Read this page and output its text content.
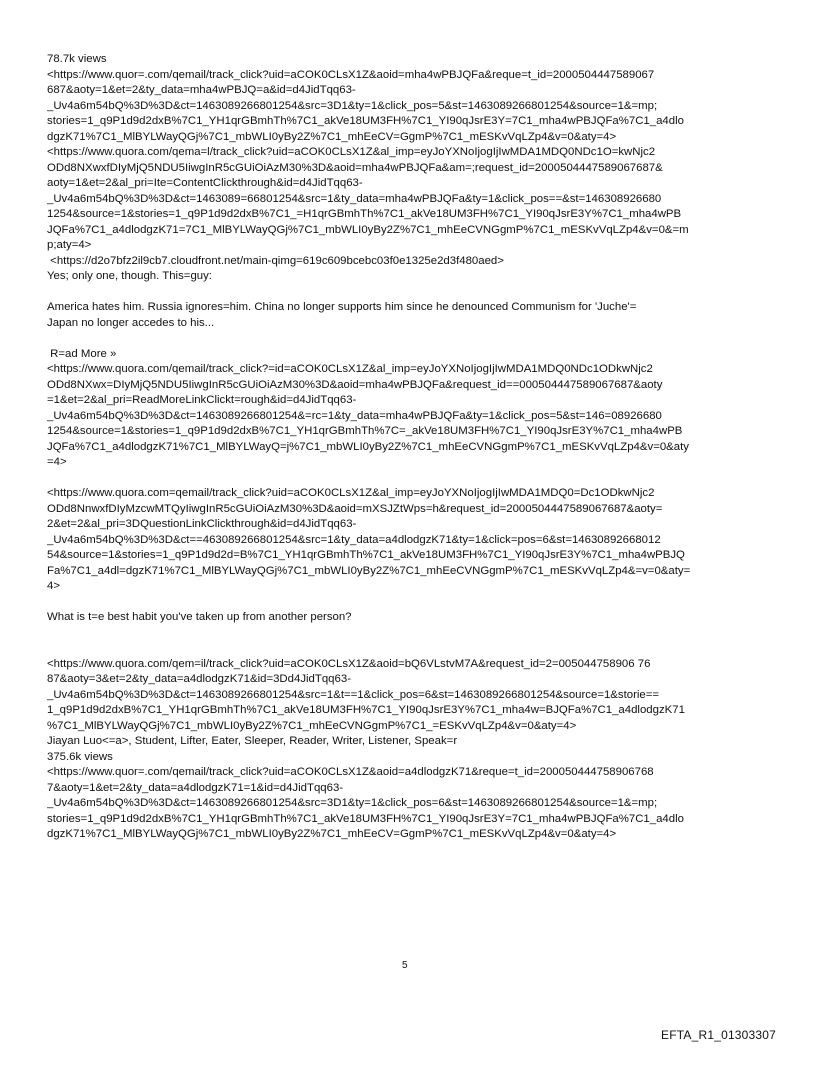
78.7k views
<https://www.quor=.com/qemail/track_click?uid=aCOK0CLsX1Z&aoid=mha4wPBJQFa&reque=t_id=2000504447589067
687&aoty=1&et=2&ty_data=mha4wPBJQ=a&id=d4JidTqq63-
_Uv4a6m54bQ%3D%3D&ct=1463089266801254&src=3D1&ty=1&click_pos=5&st=1463089266801254&source=1&=mp;
stories=1_q9P1d9d2dxB%7C1_YH1qrGBmhTh%7C1_akVe18UM3FH%7C1_YI90qJsrE3Y=7C1_mha4wPBJQFa%7C1_a4dlo
dgzK71%7C1_MlBYLWayQGj%7C1_mbWLI0yBy2Z%7C1_mhEeCV=GgmP%7C1_mESKvVqLZp4&v=0&aty=4>
<https://www.quora.com/qema=l/track_click?uid=aCOK0CLsX1Z&al_imp=eyJoYXNoIjogIjIwMDA1MDQ0NDc1O=kwNjc2
ODd8NXwxfDIyMjQ5NDU5IiwgInR5cGUiOiAzM30%3D&aoid=mha4wPBJQFa&am=;request_id=2000504447589067687&
aoty=1&et=2&al_pri=Ite=ContentClickthrough&id=d4JidTqq63-
_Uv4a6m54bQ%3D%3D&ct=1463089=66801254&src=1&ty_data=mha4wPBJQFa&ty=1&click_pos==&st=146308926680
1254&source=1&stories=1_q9P1d9d2dxB%7C1_=H1qrGBmhTh%7C1_akVe18UM3FH%7C1_YI90qJsrE3Y%7C1_mha4wPB
JQFa%7C1_a4dlodgzK71=7C1_MlBYLWayQGj%7C1_mbWLI0yBy2Z%7C1_mhEeCVNGgmP%7C1_mESKvVqLZp4&v=0&=m
p;aty=4>
<https://d2o7bfz2il9cb7.cloudfront.net/main-qimg=619c609bcebc03f0e1325e2d3f480aed>
Yes; only one, though. This=guy:
America hates him. Russia ignores=him. China no longer supports him since he denounced Communism for 'Juche'=
Japan no longer accedes to his...
R=ad More »
<https://www.quora.com/qemail/track_click?=id=aCOK0CLsX1Z&al_imp=eyJoYXNoIjogIjIwMDA1MDQ0NDc1ODkwNjc2
ODd8NXwx=DIyMjQ5NDU5IiwgInR5cGUiOiAzM30%3D&aoid=mha4wPBJQFa&request_id==000504447589067687&aoty
=1&et=2&al_pri=ReadMoreLinkClickt=rough&id=d4JidTqq63-
_Uv4a6m54bQ%3D%3D&ct=1463089266801254&=rc=1&ty_data=mha4wPBJQFa&ty=1&click_pos=5&st=146=08926680
1254&source=1&stories=1_q9P1d9d2dxB%7C1_YH1qrGBmhTh%7C=_akVe18UM3FH%7C1_YI90qJsrE3Y%7C1_mha4wPB
JQFa%7C1_a4dlodgzK71%7C1_MlBYLWayQ=j%7C1_mbWLI0yBy2Z%7C1_mhEeCVNGgmP%7C1_mESKvVqLZp4&v=0&aty
=4>
<https://www.quora.com=qemail/track_click?uid=aCOK0CLsX1Z&al_imp=eyJoYXNoIjogIjIwMDA1MDQ0=Dc1ODkwNjc2
ODd8NnwxfDIyMzcwMTQyIiwgInR5cGUiOiAzM30%3D&aoid=mXSJZtWps=h&request_id=2000504447589067687&aoty=
2&et=2&al_pri=3DQuestionLinkClickthrough&id=d4JidTqq63-
_Uv4a6m54bQ%3D%3D&ct==463089266801254&src=1&ty_data=a4dlodgzK71&ty=1&click=pos=6&st=14630892668012
54&source=1&stories=1_q9P1d9d2d=B%7C1_YH1qrGBmhTh%7C1_akVe18UM3FH%7C1_YI90qJsrE3Y%7C1_mha4wPBJQ
Fa%7C1_a4dl=dgzK71%7C1_MlBYLWayQGj%7C1_mbWLI0yBy2Z%7C1_mhEeCVNGgmP%7C1_mESKvVqLZp4&=v=0&aty=
4>
What is t=e best habit you've taken up from another person?
<https://www.quora.com/qem=il/track_click?uid=aCOK0CLsX1Z&aoid=bQ6VLstvM7A&request_id=2=005044758906 76
87&aoty=3&et=2&ty_data=a4dlodgzK71&id=3Dd4JidTqq63-
_Uv4a6m54bQ%3D%3D&ct=1463089266801254&src=1&t==1&click_pos=6&st=1463089266801254&source=1&storie==
1_q9P1d9d2dxB%7C1_YH1qrGBmhTh%7C1_akVe18UM3FH%7C1_YI90qJsrE3Y%7C1_mha4w=BJQFa%7C1_a4dlodgzK71
%7C1_MlBYLWayQGj%7C1_mbWLI0yBy2Z%7C1_mhEeCVNGgmP%7C1_=ESKvVqLZp4&v=0&aty=4>
Jiayan Luo<=a>, Student, Lifter, Eater, Sleeper, Reader, Writer, Listener, Speak=r
375.6k views
<https://www.quor=.com/qemail/track_click?uid=aCOK0CLsX1Z&aoid=a4dlodgzK71&reque=t_id=200050444758906768
7&aoty=1&et=2&ty_data=a4dlodgzK71=1&id=d4JidTqq63-
_Uv4a6m54bQ%3D%3D&ct=1463089266801254&src=3D1&ty=1&click_pos=6&st=1463089266801254&source=1&=mp;
stories=1_q9P1d9d2dxB%7C1_YH1qrGBmhTh%7C1_akVe18UM3FH%7C1_YI90qJsrE3Y=7C1_mha4wPBJQFa%7C1_a4dlo
dgzK71%7C1_MlBYLWayQGj%7C1_mbWLI0yBy2Z%7C1_mhEeCV=GgmP%7C1_mESKvVqLZp4&v=0&aty=4>
5
EFTA_R1_01303307
